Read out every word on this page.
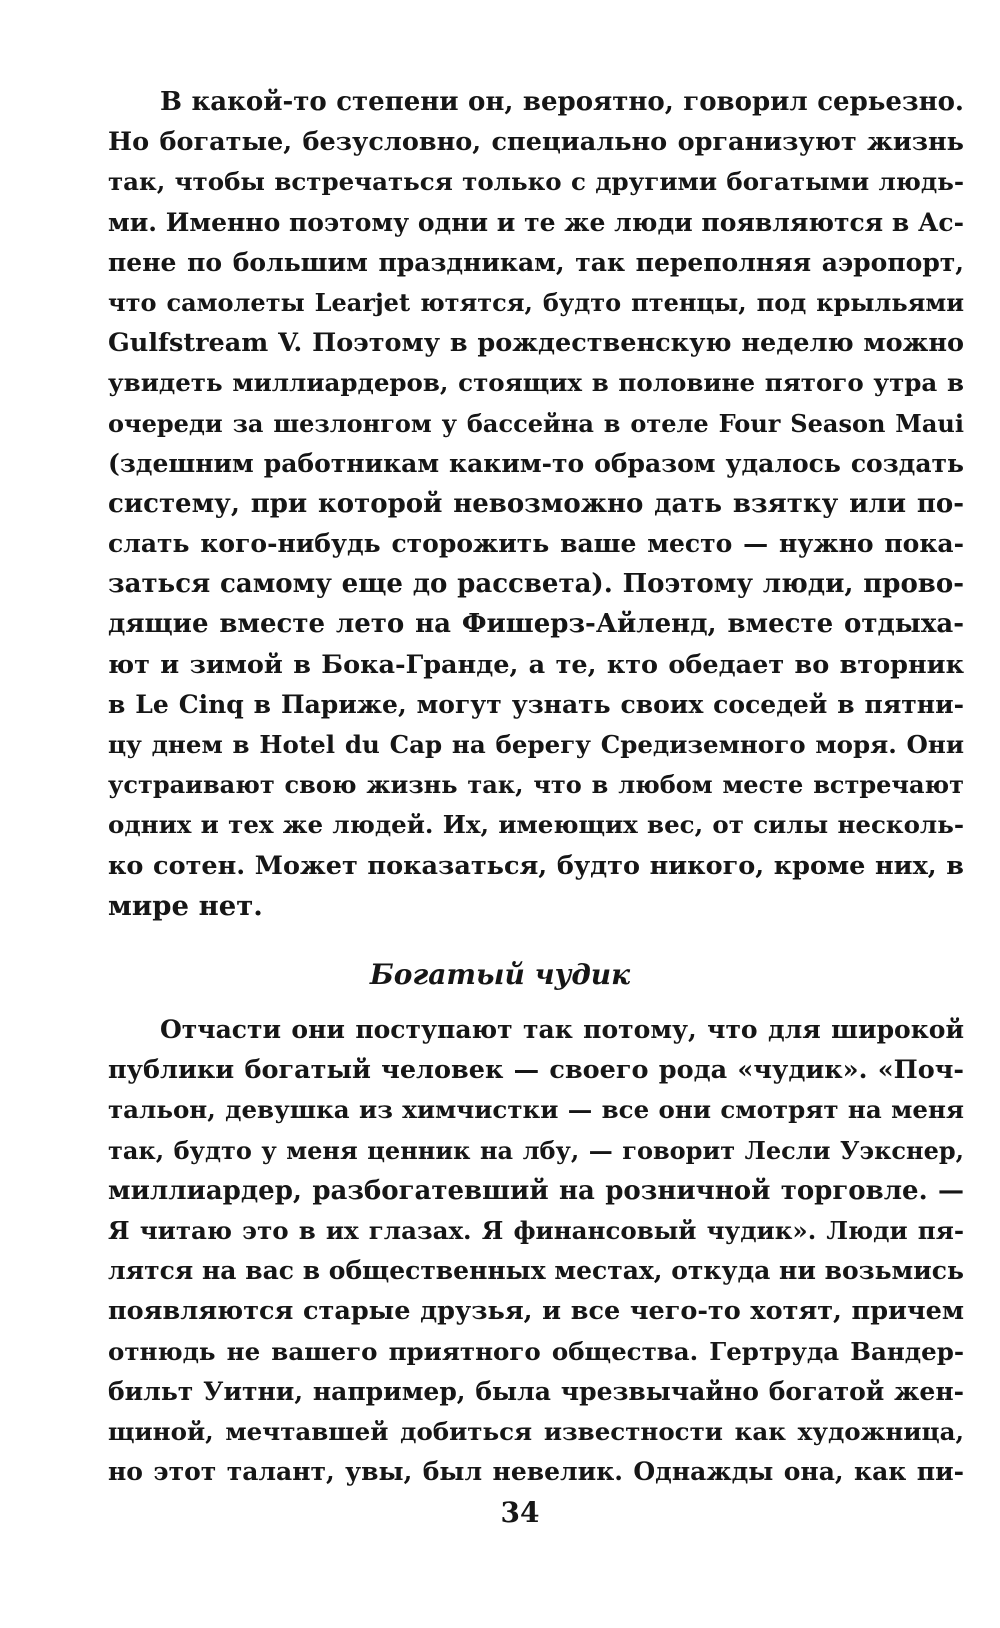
В какой-то степени он, вероятно, говорил серьезно.
Но богатые, безусловно, специально организуют жизнь
так, чтобы встречаться только с другими богатыми людь-
ми. Именно поэтому одни и те же люди появляются в Ас-
пене по большим праздникам, так переполняя аэропорт,
что самолеты Learjet ютятся, будто птенцы, под крыльями
Gulfstream V. Поэтому в рождественскую неделю можно
увидеть миллиардеров, стоящих в половине пятого утра в
очереди за шезлонгом у бассейна в отеле Four Season Maui
(здешним работникам каким-то образом удалось создать
систему, при которой невозможно дать взятку или по-
слать кого-нибудь сторожить ваше место — нужно пока-
заться самому еще до рассвета). Поэтому люди, прово-
дящие вместе лето на Фишерз-Айленд, вместе отдыха-
ют и зимой в Бока-Гранде, а те, кто обедает во вторник
в Le Cinq в Париже, могут узнать своих соседей в пятни-
цу днем в Hotel du Cap на берегу Средиземного моря. Они
устраивают свою жизнь так, что в любом месте встречают
одних и тех же людей. Их, имеющих вес, от силы несколь-
ко сотен. Может показаться, будто никого, кроме них, в
мире нет.
Богатый чудик
Отчасти они поступают так потому, что для широкой
публики богатый человек — своего рода «чудик». «Поч-
тальон, девушка из химчистки — все они смотрят на меня
так, будто у меня ценник на лбу, — говорит Лесли Уэкснер,
миллиардер, разбогатевший на розничной торговле. —
Я читаю это в их глазах. Я финансовый чудик». Люди пя-
лятся на вас в общественных местах, откуда ни возьмись
появляются старые друзья, и все чего-то хотят, причем
отнюдь не вашего приятного общества. Гертруда Вандер-
бильт Уитни, например, была чрезвычайно богатой жен-
щиной, мечтавшей добиться известности как художница,
но этот талант, увы, был невелик. Однажды она, как пи-
34
